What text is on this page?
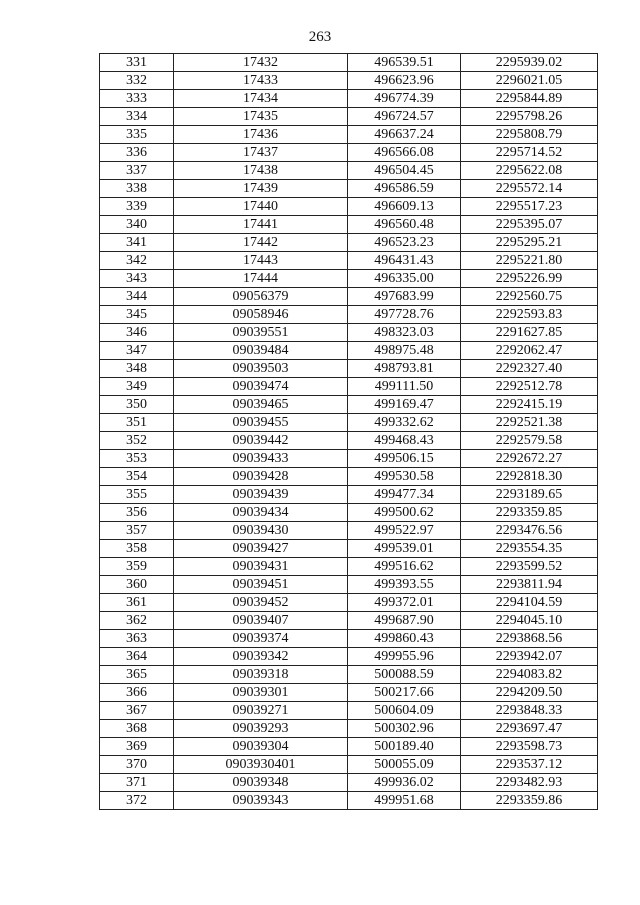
263
331	17432	496539.51	2295939.02
332	17433	496623.96	2296021.05
333	17434	496774.39	2295844.89
334	17435	496724.57	2295798.26
335	17436	496637.24	2295808.79
336	17437	496566.08	2295714.52
337	17438	496504.45	2295622.08
338	17439	496586.59	2295572.14
339	17440	496609.13	2295517.23
340	17441	496560.48	2295395.07
341	17442	496523.23	2295295.21
342	17443	496431.43	2295221.80
343	17444	496335.00	2295226.99
344	09056379	497683.99	2292560.75
345	09058946	497728.76	2292593.83
346	09039551	498323.03	2291627.85
347	09039484	498975.48	2292062.47
348	09039503	498793.81	2292327.40
349	09039474	499111.50	2292512.78
350	09039465	499169.47	2292415.19
351	09039455	499332.62	2292521.38
352	09039442	499468.43	2292579.58
353	09039433	499506.15	2292672.27
354	09039428	499530.58	2292818.30
355	09039439	499477.34	2293189.65
356	09039434	499500.62	2293359.85
357	09039430	499522.97	2293476.56
358	09039427	499539.01	2293554.35
359	09039431	499516.62	2293599.52
360	09039451	499393.55	2293811.94
361	09039452	499372.01	2294104.59
362	09039407	499687.90	2294045.10
363	09039374	499860.43	2293868.56
364	09039342	499955.96	2293942.07
365	09039318	500088.59	2294083.82
366	09039301	500217.66	2294209.50
367	09039271	500604.09	2293848.33
368	09039293	500302.96	2293697.47
369	09039304	500189.40	2293598.73
370	0903930401	500055.09	2293537.12
371	09039348	499936.02	2293482.93
372	09039343	499951.68	2293359.86
